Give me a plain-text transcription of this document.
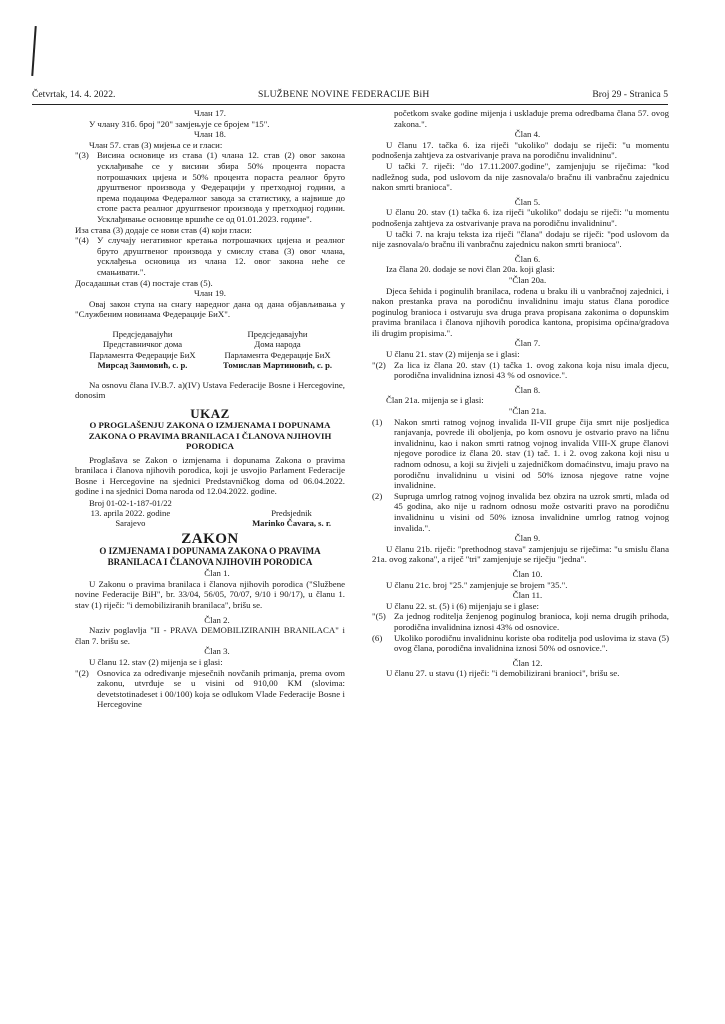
Četvrtak, 14. 4. 2022.	SLUŽBENE NOVINE FEDERACIJE BiH	Broj 29 - Stranica 5

Члан 17.

У члану 31б. број "20" замјењује се бројем "15".

Члан 18.

Члан 57. став (3) мијења се и гласи:

"(3) Висина основице из става (1) члана 12. став (2) овог закона усклађиваће се у висини збира 50% процента пораста потрошачких цијена и 50% процента пораста реалног бруто друштвеног производа у Федерацији у претходној години, а према подацима Федералног завода за статистику, а највише до стопе раста реалног друштвеног производа у претходној години. Усклађивање основице вршиће се од 01.01.2023. године".

Иза става (3) додаје се нови став (4) који гласи:

"(4) У случају негативног кретања потрошачких цијена и реалног бруто друштвеног производа у смислу става (3) овог члана, усклађења основица из члана 12. овог закона неће се смањивати.".

Досадашњи став (4) постаје став (5).

Члан 19.

Овај закон ступа на снагу наредног дана од дана објављивања у "Службеним новинама Федерације БиХ".

Предсједавајући
Представничког дома
Парламента Федерације БиХ
Мирсад Зaимовић, с. р.
Предсједавајући
Дома народа
Парламента Федерације БиХ
Томислав Мартиновић, с. р.

Na osnovu člana IV.B.7. a)(IV) Ustava Federacije Bosne i Hercegovine, donosim

UKAZ
O PROGLAŠENJU ZAKONA O IZMJENAMA I DOPUNAMA ZAKONA O PRAVIMA BRANILACA I ČLANOVA NJIHOVIH PORODICA

Proglašava se Zakon o izmjenama i dopunama Zakona o pravima branilaca i članova njihovih porodica, koji je usvojio Parlament Federacije Bosne i Hercegovine na sjednici Predstavničkog doma od 06.04.2022. godine i na sjednici Doma naroda od 12.04.2022. godine.

Broj 01-02-1-187-01/22
13. aprila 2022. godine
Sarajevo
Predsjednik
Marinko Čavara, s. r.
ZAKON
O IZMJENAMA I DOPUNAMA ZAKONA O PRAVIMA BRANILACA I ČLANOVA NJIHOVIH PORODICA

Član 1.

U Zakonu o pravima branilaca i članova njihovih porodica ("Službene novine Federacije BiH", br. 33/04, 56/05, 70/07, 9/10 i 90/17), u članu 1. stav (1) riječi: "i demobiliziranih branilaca", brišu se.

Član 2.

Naziv poglavlja "II - PRAVA DEMOBILIZIRANIH BRANILACA" i član 7. brišu se.

Član 3.

U članu 12. stav (2) mijenja se i glasi:

"(2) Osnovica za određivanje mjesečnih novčanih primanja, prema ovom zakonu, utvrđuje se u visini od 910,00 KM (slovima: devetstotinadeset i 00/100) koja se odlukom Vlade Federacije Bosne i Hercegovine
početkom svake godine mijenja i usklađuje prema odredbama člana 57. ovog zakona.".

Član 4.

U članu 17. tačka 6. iza riječi "ukoliko" dodaju se riječi: "u momentu podnošenja zahtjeva za ostvarivanje prava na porodičnu invalidninu".

U tački 7. riječi: "do 17.11.2007.godine", zamjenjuju se riječima: "kod nadležnog suda, pod uslovom da nije zasnovala/o bračnu ili vanbračnu zajednicu nakon smrti branioca".

Član 5.

U članu 20. stav (1) tačka 6. iza riječi "ukoliko" dodaju se riječi: "u momentu podnošenja zahtjeva za ostvarivanje prava na porodičnu invalidninu".

U tački 7. na kraju teksta iza riječi "člana" dodaju se riječi: "pod uslovom da nije zasnovala/o bračnu ili vanbračnu zajednicu nakon smrti branioca".

Član 6.

Iza člana 20. dodaje se novi član 20a. koji glasi:

"Član 20a.

Djeca šehida i poginulih branilaca, rođena u braku ili u vanbračnoj zajednici, i nakon prestanka prava na porodičnu invalidninu imaju status člana porodice poginulog branioca i ostvaruju sva druga prava propisana zakonima o dopunskim pravima branilaca i članova njihovih porodica kantona, propisima općina/gradova ili drugim propisima.".

Član 7.

U članu 21. stav (2) mijenja se i glasi:

"(2) Za lica iz člana 20. stav (1) tačka 1. ovog zakona koja nisu imala djecu, porodična invalidnina iznosi 43 % od osnovice.".

Član 8.

Član 21a. mijenja se i glasi:

"Član 21a.

(1)	Nakon smrti ratnog vojnog invalida II-VII grupe čija smrt nije posljedica ranjavanja, povrede ili oboljenja, po kom osnovu je ostvario pravo na ličnu invalidninu, kao i nakon smrti ratnog vojnog invalida VIII-X grupe članovi njegove porodice iz člana 20. stav (1) tač. 1. i 2. ovog zakona koji nisu u radnom odnosu, a koji su živjeli u zajedničkom domaćinstvu, imaju pravo na porodičnu invalidninu u visini od 50% iznosa njegove ratne vojne invalidnine.
(2)	Supruga umrlog ratnog vojnog invalida bez obzira na uzrok smrti, mlađa od 45 godina, ako nije u radnom odnosu može ostvariti pravo na porodičnu invalidninu u visini od 50% iznosa invalidnine umrlog ratnog vojnog invalida.".

Član 9.

U članu 21b. riječi: "prethodnog stava" zamjenjuju se riječima: "u smislu člana 21a. ovog zakona", a riječ "tri" zamjenjuje se riječju "jedna".

Član 10.

U članu 21c. broj "25." zamjenjuje se brojem "35.".

Član 11.

U članu 22. st. (5) i (6) mijenjaju se i glase:

"(5) Za jednog roditelja ženjenog poginulog branioca, koji nema drugih prihoda, porodična invalidnina iznosi 43% od osnovice.
(6)	Ukoliko porodičnu invalidninu koriste oba roditelja pod uslovima iz stava (5) ovog člana, porodična invalidnina iznosi 50% od osnovice.".

Član 12.

U članu 27. u stavu (1) riječi: "i demobilizirani branioci", brišu se.
